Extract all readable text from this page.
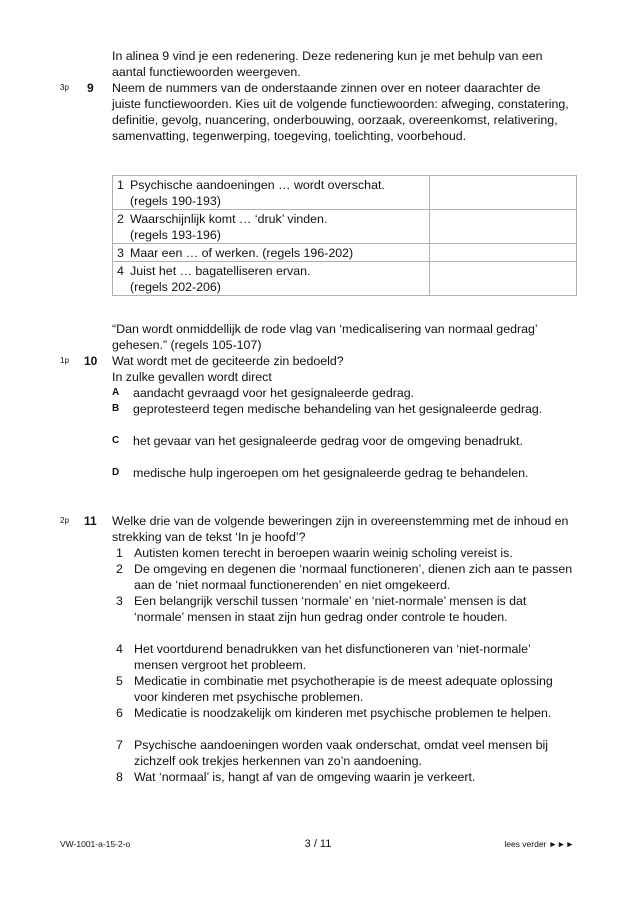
In alinea 9 vind je een redenering. Deze redenering kun je met behulp van een aantal functiewoorden weergeven.
3p 9 Neem de nummers van de onderstaande zinnen over en noteer daarachter de juiste functiewoorden. Kies uit de volgende functiewoorden: afweging, constatering, definitie, gevolg, nuancering, onderbouwing, oorzaak, overeenkomst, relativering, samenvatting, tegenwerping, toegeving, toelichting, voorbehoud.
1 Psychische aandoeningen … wordt overschat.
(regels 190-193)	
2 Waarschijnlijk komt … ‘druk’ vinden.
(regels 193-196)	
3 Maar een … of werken. (regels 196-202)	
4 Juist het … bagatelliseren ervan.
(regels 202-206)	
“Dan wordt onmiddellijk de rode vlag van ‘medicalisering van normaal gedrag’ gehesen.” (regels 105-107)
1p 10 Wat wordt met de geciteerde zin bedoeld?
In zulke gevallen wordt direct
A aandacht gevraagd voor het gesignaleerde gedrag.
B geprotesteerd tegen medische behandeling van het gesignaleerde gedrag.
C het gevaar van het gesignaleerde gedrag voor de omgeving benadrukt.
D medische hulp ingeroepen om het gesignaleerde gedrag te behandelen.
2p 11 Welke drie van de volgende beweringen zijn in overeenstemming met de inhoud en strekking van de tekst ‘In je hoofd’?
1 Autisten komen terecht in beroepen waarin weinig scholing vereist is.
2 De omgeving en degenen die ‘normaal functioneren’, dienen zich aan te passen aan de ‘niet normaal functionerenden’ en niet omgekeerd.
3 Een belangrijk verschil tussen ‘normale’ en ‘niet-normale’ mensen is dat ‘normale’ mensen in staat zijn hun gedrag onder controle te houden.
4 Het voortdurend benadrukken van het disfunctioneren van ‘niet-normale’ mensen vergroot het probleem.
5 Medicatie in combinatie met psychotherapie is de meest adequate oplossing voor kinderen met psychische problemen.
6 Medicatie is noodzakelijk om kinderen met psychische problemen te helpen.
7 Psychische aandoeningen worden vaak onderschat, omdat veel mensen bij zichzelf ook trekjes herkennen van zo’n aandoening.
8 Wat ‘normaal’ is, hangt af van de omgeving waarin je verkeert.
VW-1001-a-15-2-o	3 / 11	lees verder ►►►
